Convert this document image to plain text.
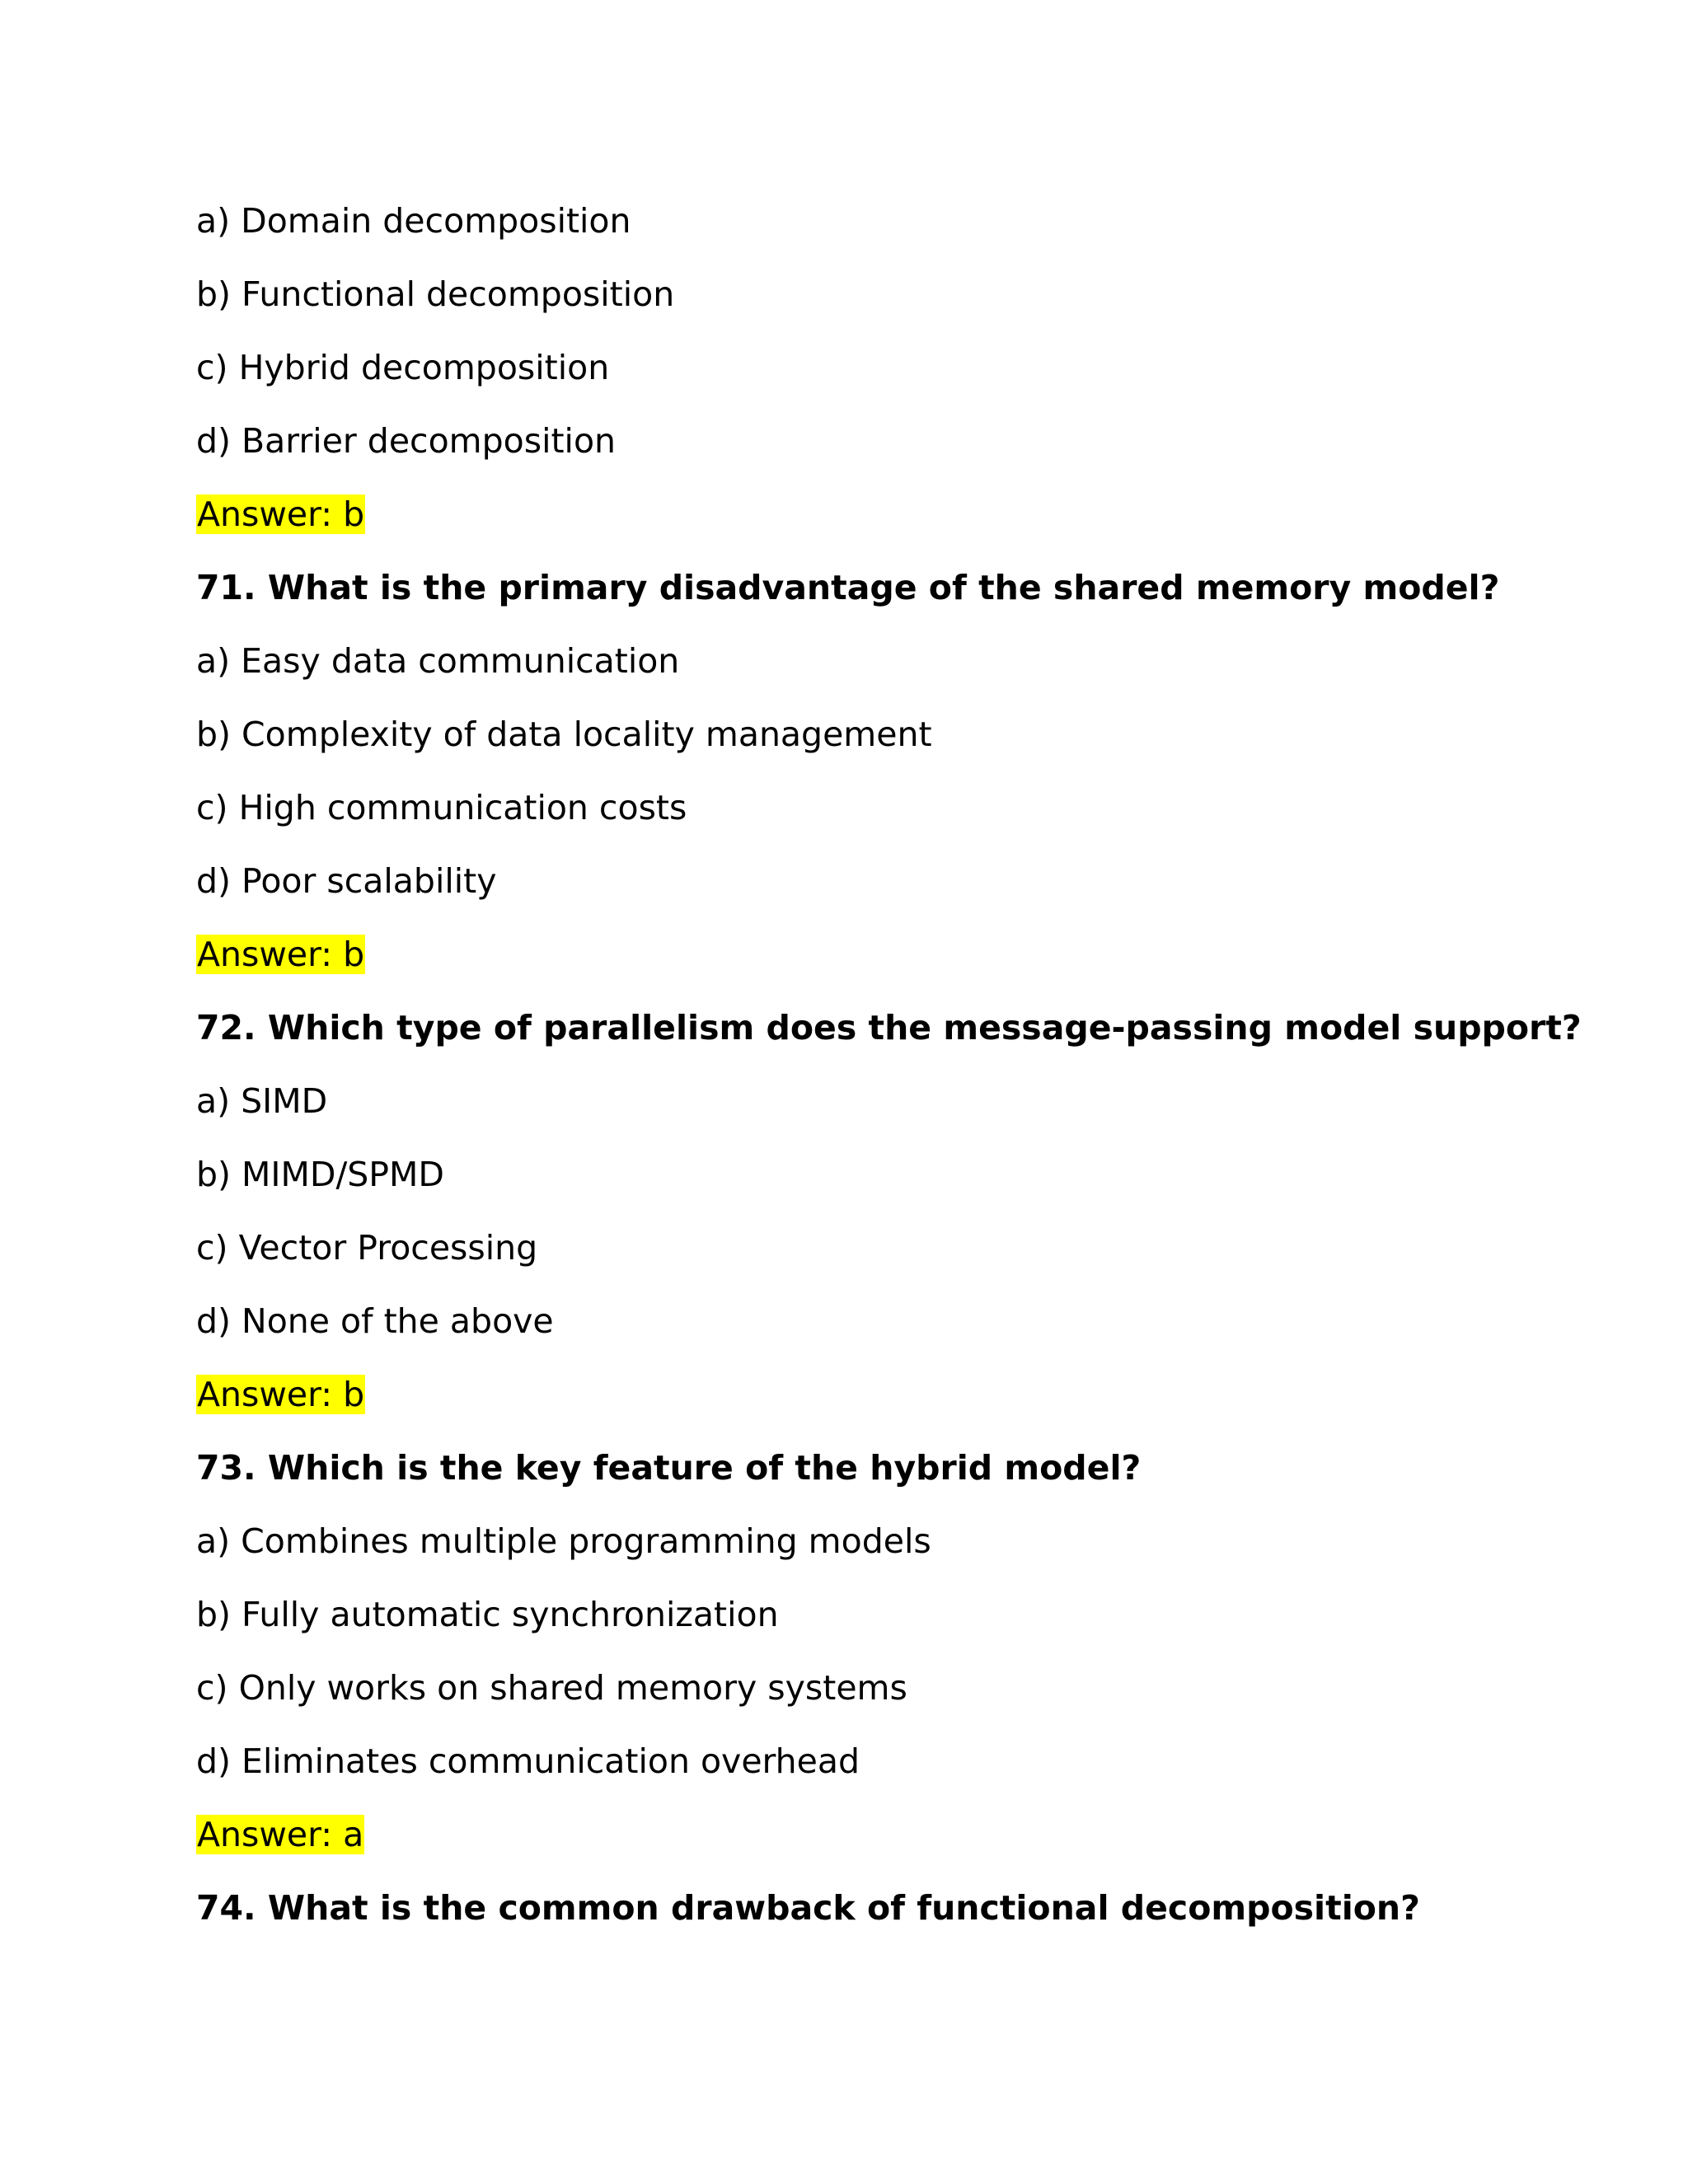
a) Domain decomposition
b) Functional decomposition
c) Hybrid decomposition
d) Barrier decomposition
Answer: b
71. What is the primary disadvantage of the shared memory model?
a) Easy data communication
b) Complexity of data locality management
c) High communication costs
d) Poor scalability
Answer: b
72. Which type of parallelism does the message-passing model support?
a) SIMD
b) MIMD/SPMD
c) Vector Processing
d) None of the above
Answer: b
73. Which is the key feature of the hybrid model?
a) Combines multiple programming models
b) Fully automatic synchronization
c) Only works on shared memory systems
d) Eliminates communication overhead
Answer: a
74. What is the common drawback of functional decomposition?
